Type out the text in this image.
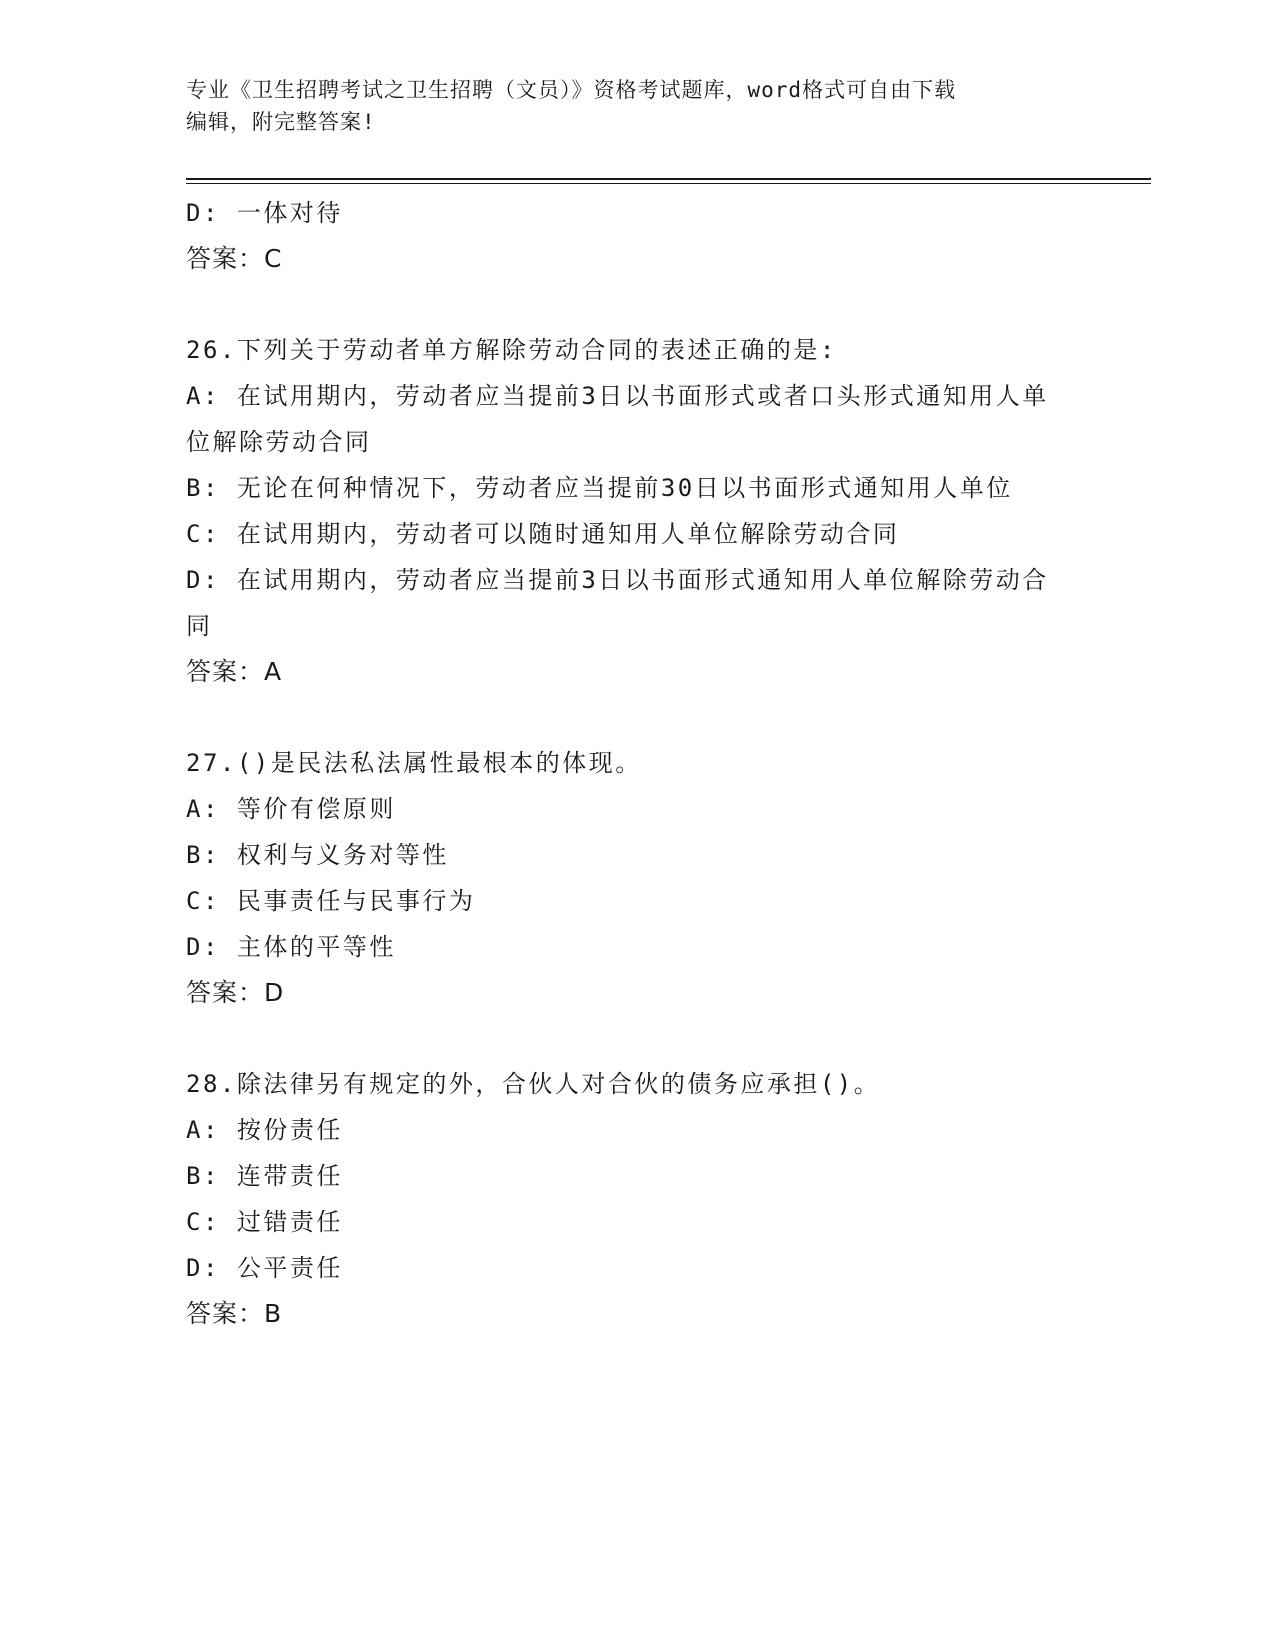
专业《卫生招聘考试之卫生招聘（文员）》资格考试题库，word格式可自由下载
编辑，附完整答案!
D: 一体对待
答案：C
26.下列关于劳动者单方解除劳动合同的表述正确的是:
A: 在试用期内，劳动者应当提前3日以书面形式或者口头形式通知用人单位解除劳动合同
B: 无论在何种情况下，劳动者应当提前30日以书面形式通知用人单位
C: 在试用期内，劳动者可以随时通知用人单位解除劳动合同
D: 在试用期内，劳动者应当提前3日以书面形式通知用人单位解除劳动合同
答案：A
27.()是民法私法属性最根本的体现。
A: 等价有偿原则
B: 权利与义务对等性
C: 民事责任与民事行为
D: 主体的平等性
答案：D
28.除法律另有规定的外，合伙人对合伙的债务应承担()。
A: 按份责任
B: 连带责任
C: 过错责任
D: 公平责任
答案：B
